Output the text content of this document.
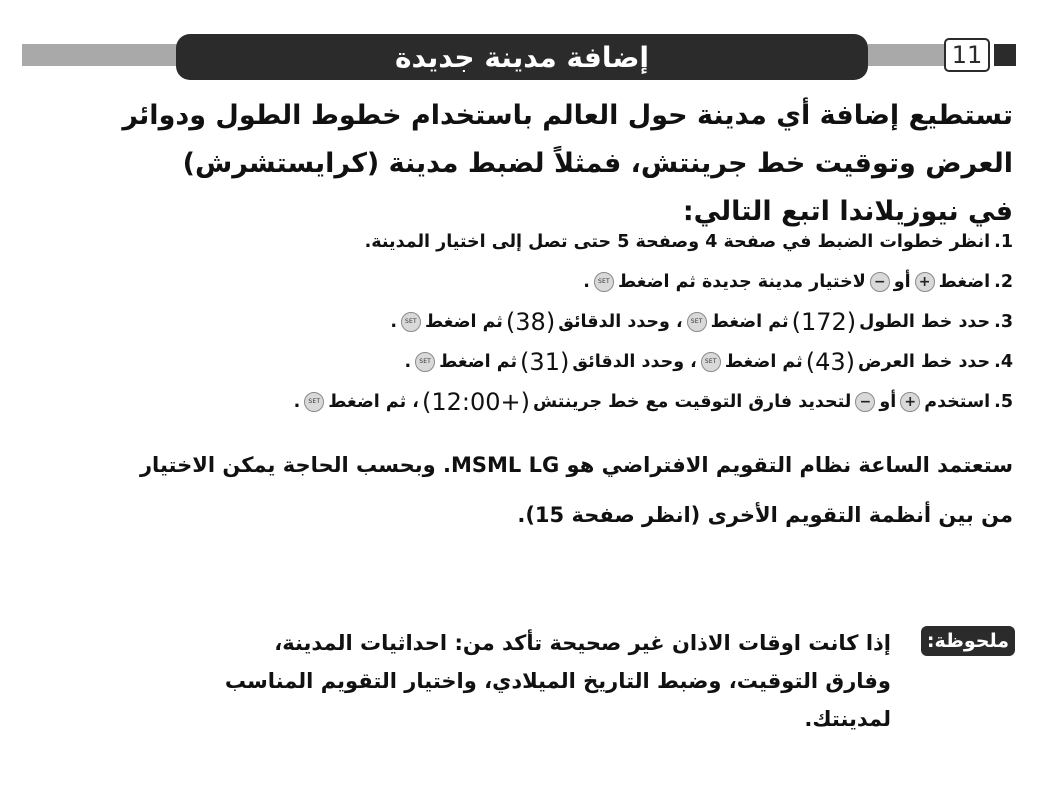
إضافة مدينة جديدة	11

تستطيع إضافة أي مدينة حول العالم باستخدام خطوط الطول ودوائر
العرض وتوقيت خط جرينتش، فمثلاً لضبط مدينة (كرايستشرش)
في نيوزيلاندا اتبع التالي:

1.
انظر خطوات الضبط في صفحة 4 وصفحة 5 حتى تصل إلى اختيار المدينة.
2.
اضغط
+
أو
−
لاختيار مدينة جديدة ثم اضغط
SET
.
3.
حدد خط الطول
(172)
ثم اضغط
SET
، وحدد الدقائق
(38)
ثم اضغط
SET
.
4.
حدد خط العرض
(43)
ثم اضغط
SET
، وحدد الدقائق
(31)
ثم اضغط
SET
.
5.
استخدم
+
أو
−
لتحديد فارق التوقيت مع خط جرينتش
(+12:00)
، ثم اضغط
SET
.

ستعتمد الساعة نظام التقويم الافتراضي هو MSML LG. وبحسب الحاجة يمكن الاختيار
من بين أنظمة التقويم الأخرى (انظر صفحة 15).

ملحوظة:

إذا كانت اوقات الاذان غير صحيحة تأكد من: احداثيات المدينة،
وفارق التوقيت، وضبط التاريخ الميلادي، واختيار التقويم المناسب
لمدينتك.
